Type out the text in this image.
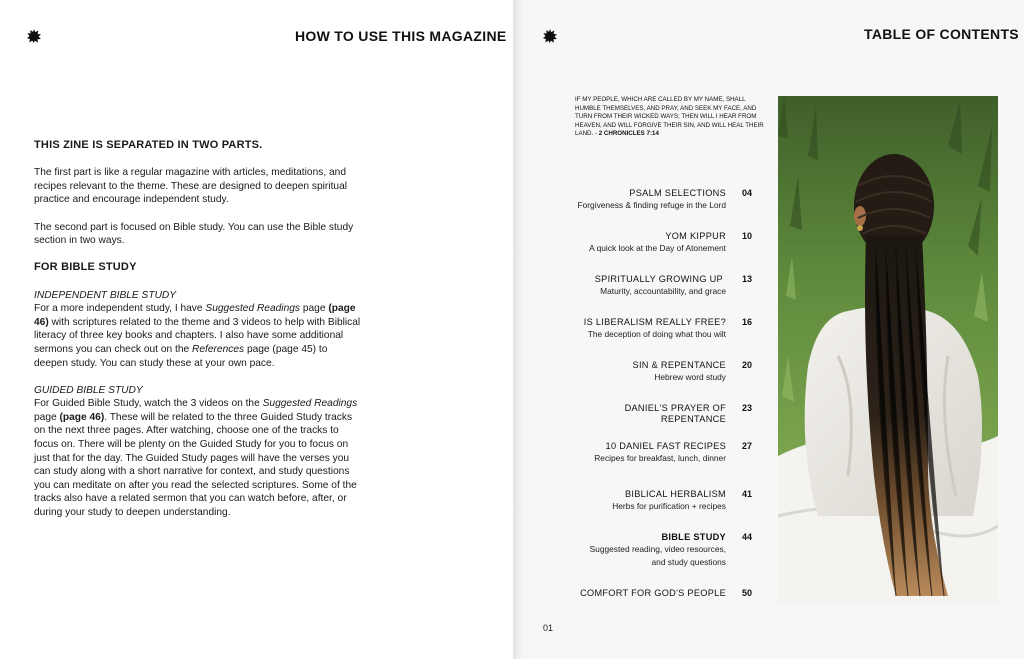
HOW TO USE THIS MAGAZINE

THIS ZINE IS SEPARATED IN TWO PARTS.

The first part is like a regular magazine with articles, meditations, and recipes relevant to the theme. These are designed to deepen spiritual practice and encourage independent study.

The second part is focused on Bible study. You can use the Bible study section in two ways.

FOR BIBLE STUDY

INDEPENDENT BIBLE STUDY
For a more independent study, I have Suggested Readings page (page 46) with scriptures related to the theme and 3 videos to help with Biblical literacy of three key books and chapters. I also have some additional sermons you can check out on the References page (page 45) to deepen study. You can study these at your own pace.

GUIDED BIBLE STUDY
For Guided Bible Study, watch the 3 videos on the Suggested Readings page (page 46). These will be related to the three Guided Study tracks on the next three pages. After watching, choose one of the tracks to focus on. There will be plenty on the Guided Study for you to focus on just that for the day. The Guided Study pages will have the verses you can study along with a short narrative for context, and study questions you can meditate on after you read the selected scriptures. Some of the tracks also have a related sermon that you can watch before, after, or during your study to deepen understanding.

TABLE OF CONTENTS
IF MY PEOPLE, WHICH ARE CALLED BY MY NAME, SHALL HUMBLE THEMSELVES, AND PRAY, AND SEEK MY FACE, AND TURN FROM THEIR WICKED WAYS; THEN WILL I HEAR FROM HEAVEN, AND WILL FORGIVE THEIR SIN, AND WILL HEAL THEIR LAND. - 2 CHRONICLES 7:14
PSALM SELECTIONS
Forgiveness & finding refuge in the Lord
04
YOM KIPPUR
A quick look at the Day of Atonement
10
SPIRITUALLY GROWING UP
Maturity, accountability, and grace
13
IS LIBERALISM REALLY FREE?
The deception of doing what thou wilt
16
SIN & REPENTANCE
Hebrew word study
20
DANIEL'S PRAYER OF REPENTANCE
23
10 DANIEL FAST RECIPES
Recipes for breakfast, lunch, dinner
27
BIBLICAL HERBALISM
Herbs for purification + recipes
41
BIBLE STUDY
Suggested reading, video resources,
and study questions
44
COMFORT FOR GOD'S PEOPLE	50
01
